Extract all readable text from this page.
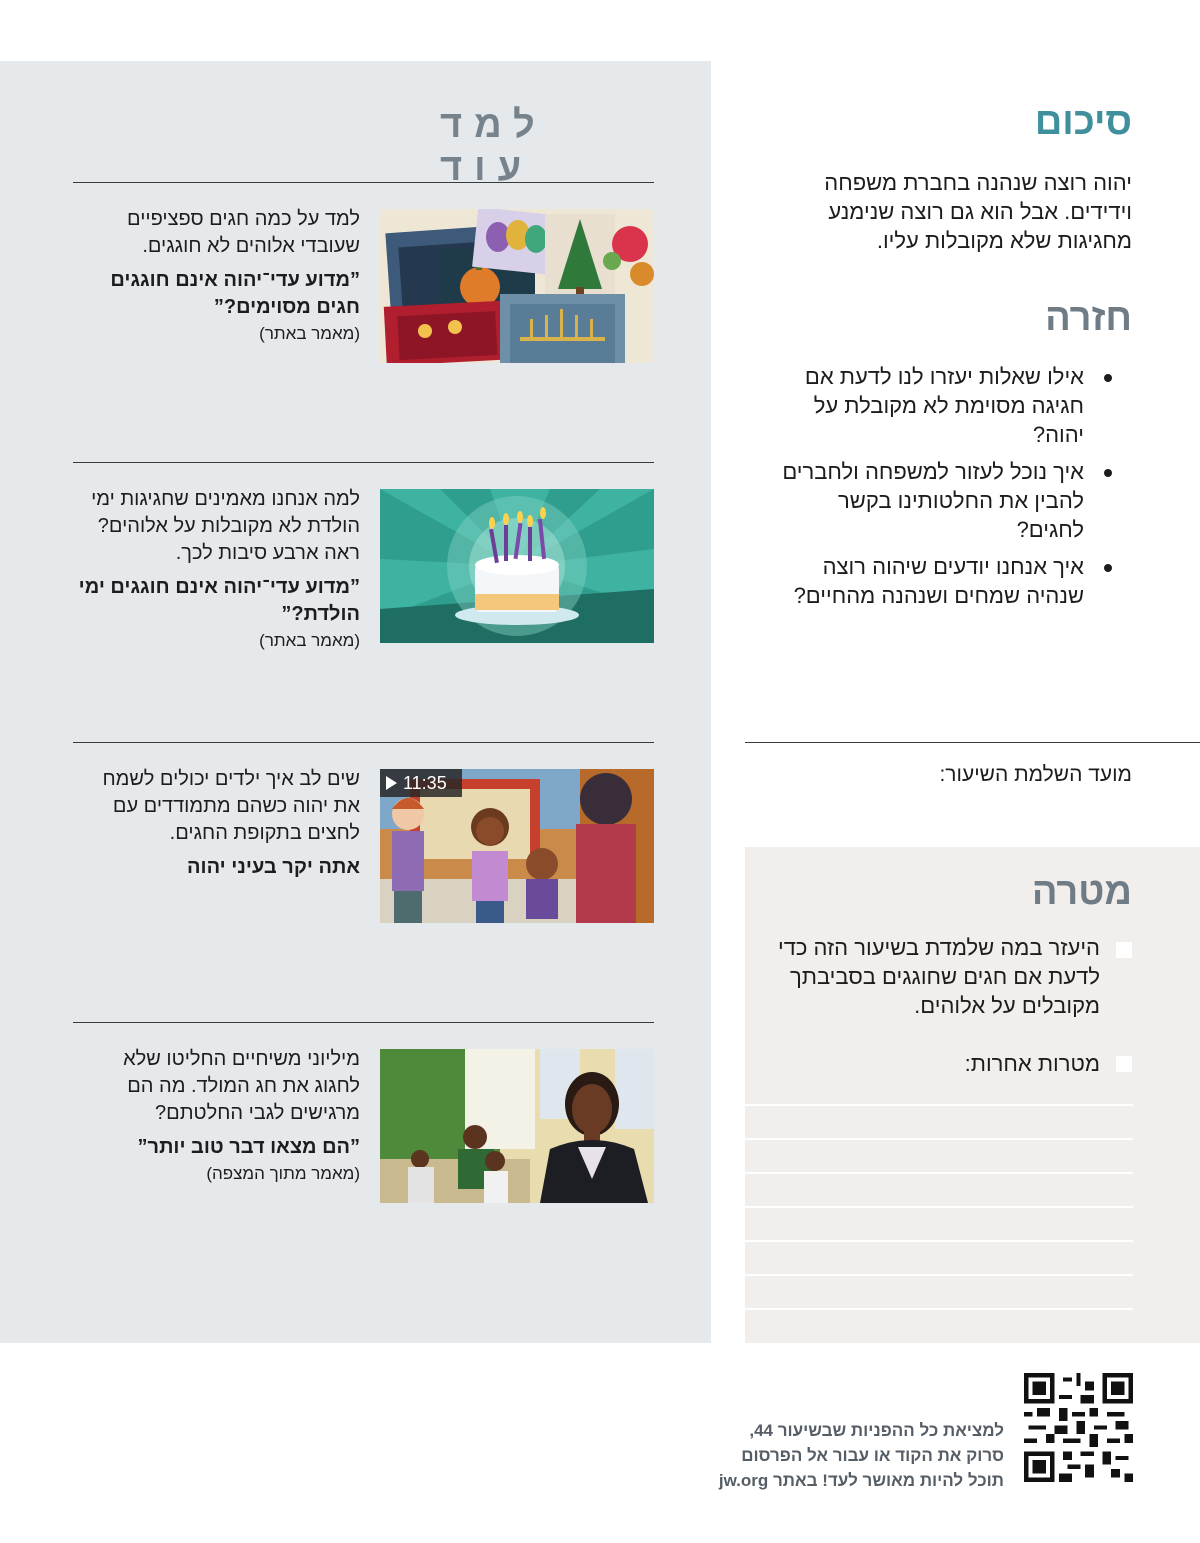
למד עוד
למד על כמה חגים ספציפיים שעובדי אלוהים לא חוגגים.
”מדוע עדי־יהוה אינם חוגגים חגים מסוימים?”
(מאמר באתר)
למה אנחנו מאמינים שחגיגות ימי הולדת לא מקובלות על אלוהים? ראה ארבע סיבות לכך.
”מדוע עדי־יהוה אינם חוגגים ימי הולדת?”
(מאמר באתר)
שים לב איך ילדים יכולים לשמח את יהוה כשהם מתמודדים עם לחצים בתקופת החגים.
אתה יקר בעיני יהוה
11:35
מיליוני משיחיים החליטו שלא לחגוג את חג המולד. מה הם מרגישים לגבי החלטתם?
”הם מצאו דבר טוב יותר”
(מאמר מתוך המצפה)
סיכום
יהוה רוצה שנהנה בחברת משפחה וידידים. אבל הוא גם רוצה שנימנע מחגיגות שלא מקובלות עליו.
חזרה
אילו שאלות יעזרו לנו לדעת אם חגיגה מסוימת לא מקובלת על יהוה?
איך נוכל לעזור למשפחה ולחברים להבין את החלטותינו בקשר לחגים?
איך אנחנו יודעים שיהוה רוצה שנהיה שמחים ושנהנה מהחיים?
מועד השלמת השיעור:
מטרה
היעזר במה שלמדת בשיעור הזה כדי לדעת אם חגים שחוגגים בסביבתך מקובלים על אלוהים.
מטרות אחרות:
למציאת כל ההפניות שבשיעור 44,
סרוק את הקוד או עבור אל הפרסום
תוכל להיות מאושר לעד! באתר jw.org
